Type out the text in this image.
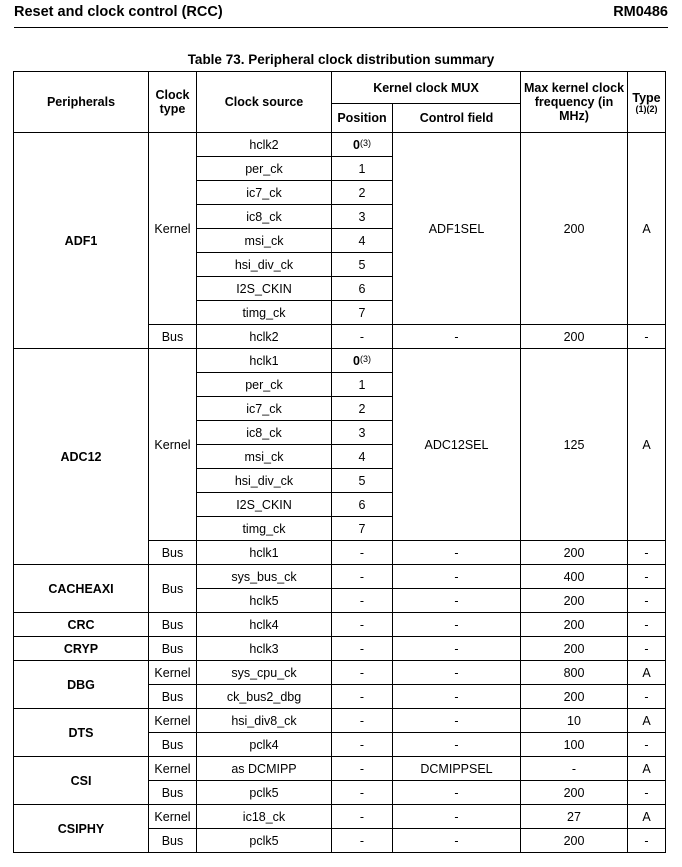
Reset and clock control (RCC)	RM0486
Table 73. Peripheral clock distribution summary
Peripherals	Clock type	Clock source	Kernel clock MUX		Max kernel clock frequency (in MHz)	Type
(1)(2)

			Position	Control field		
ADF1	Kernel	hclk2	0$^{(3)}$	ADF1SEL	200	A
		per_ck	1			
		ic7_ck	2			
		ic8_ck	3			
		msi_ck	4			
		hsi_div_ck	5			
		I2S_CKIN	6			
		timg_ck	7			
	Bus	hclk2	-	-	200	-
ADC12	Kernel	hclk1	0$^{(3)}$	ADC12SEL	125	A
		per_ck	1			
		ic7_ck	2			
		ic8_ck	3			
		msi_ck	4			
		hsi_div_ck	5			
		I2S_CKIN	6			
		timg_ck	7			
	Bus	hclk1	-	-	200	-
CACHEAXI	Bus	sys_bus_ck	-	-	400	-
		hclk5	-	-	200	-
CRC	Bus	hclk4	-	-	200	-
CRYP	Bus	hclk3	-	-	200	-
DBG	Kernel	sys_cpu_ck	-	-	800	A
	Bus	ck_bus2_dbg	-	-	200	-
DTS	Kernel	hsi_div8_ck	-	-	10	A
	Bus	pclk4	-	-	100	-
CSI	Kernel	as DCMIPP	-	DCMIPPSEL	-	A
	Bus	pclk5	-	-	200	-
CSIPHY	Kernel	ic18_ck	-	-	27	A
	Bus	pclk5	-	-	200	-
